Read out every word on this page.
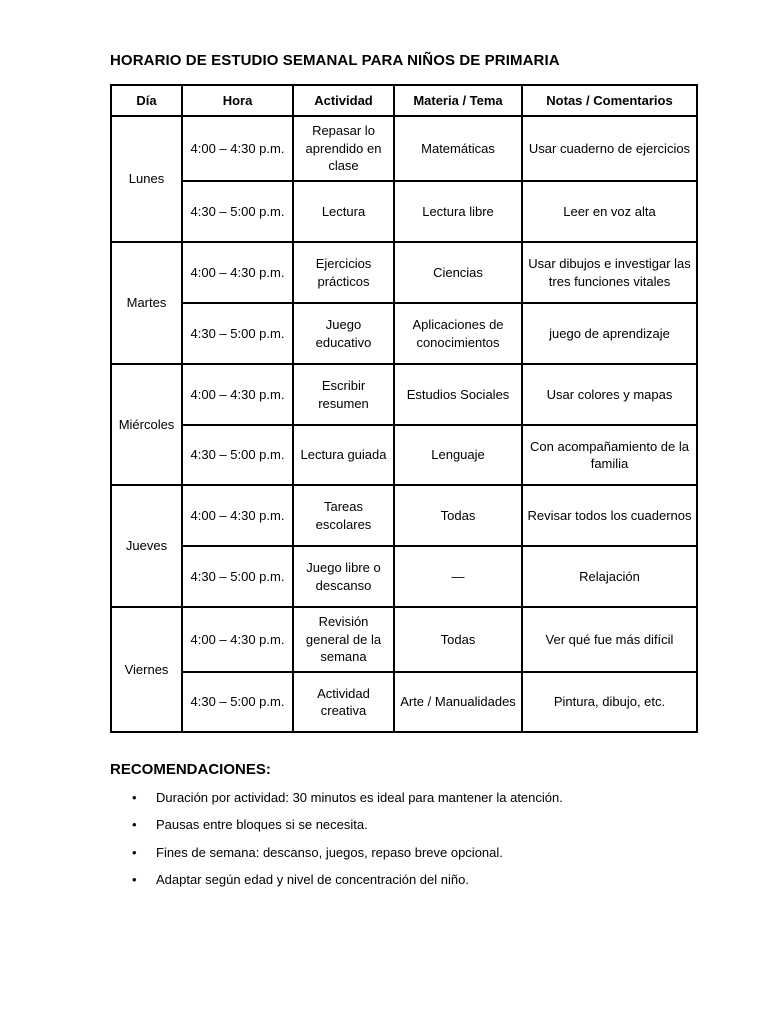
HORARIO DE ESTUDIO SEMANAL PARA NIÑOS DE PRIMARIA
Día	Hora	Actividad	Materia / Tema	Notas / Comentarios
Lunes	4:00 – 4:30 p.m.	Repasar lo aprendido en clase	Matemáticas	Usar cuaderno de ejercicios
	4:30 – 5:00 p.m.	Lectura	Lectura libre	Leer en voz alta
Martes	4:00 – 4:30 p.m.	Ejercicios prácticos	Ciencias	Usar dibujos e investigar las tres funciones vitales
	4:30 – 5:00 p.m.	Juego educativo	Aplicaciones de conocimientos	juego de aprendizaje
Miércoles	4:00 – 4:30 p.m.	Escribir resumen	Estudios Sociales	Usar colores y mapas
	4:30 – 5:00 p.m.	Lectura guiada	Lenguaje	Con acompañamiento de la familia
Jueves	4:00 – 4:30 p.m.	Tareas escolares	Todas	Revisar todos los cuadernos
	4:30 – 5:00 p.m.	Juego libre o descanso	—	Relajación
Viernes	4:00 – 4:30 p.m.	Revisión general de la semana	Todas	Ver qué fue más difícil
	4:30 – 5:00 p.m.	Actividad creativa	Arte / Manualidades	Pintura, dibujo, etc.
RECOMENDACIONES:
• Duración por actividad: 30 minutos es ideal para mantener la atención.
• Pausas entre bloques si se necesita.
• Fines de semana: descanso, juegos, repaso breve opcional.
• Adaptar según edad y nivel de concentración del niño.
